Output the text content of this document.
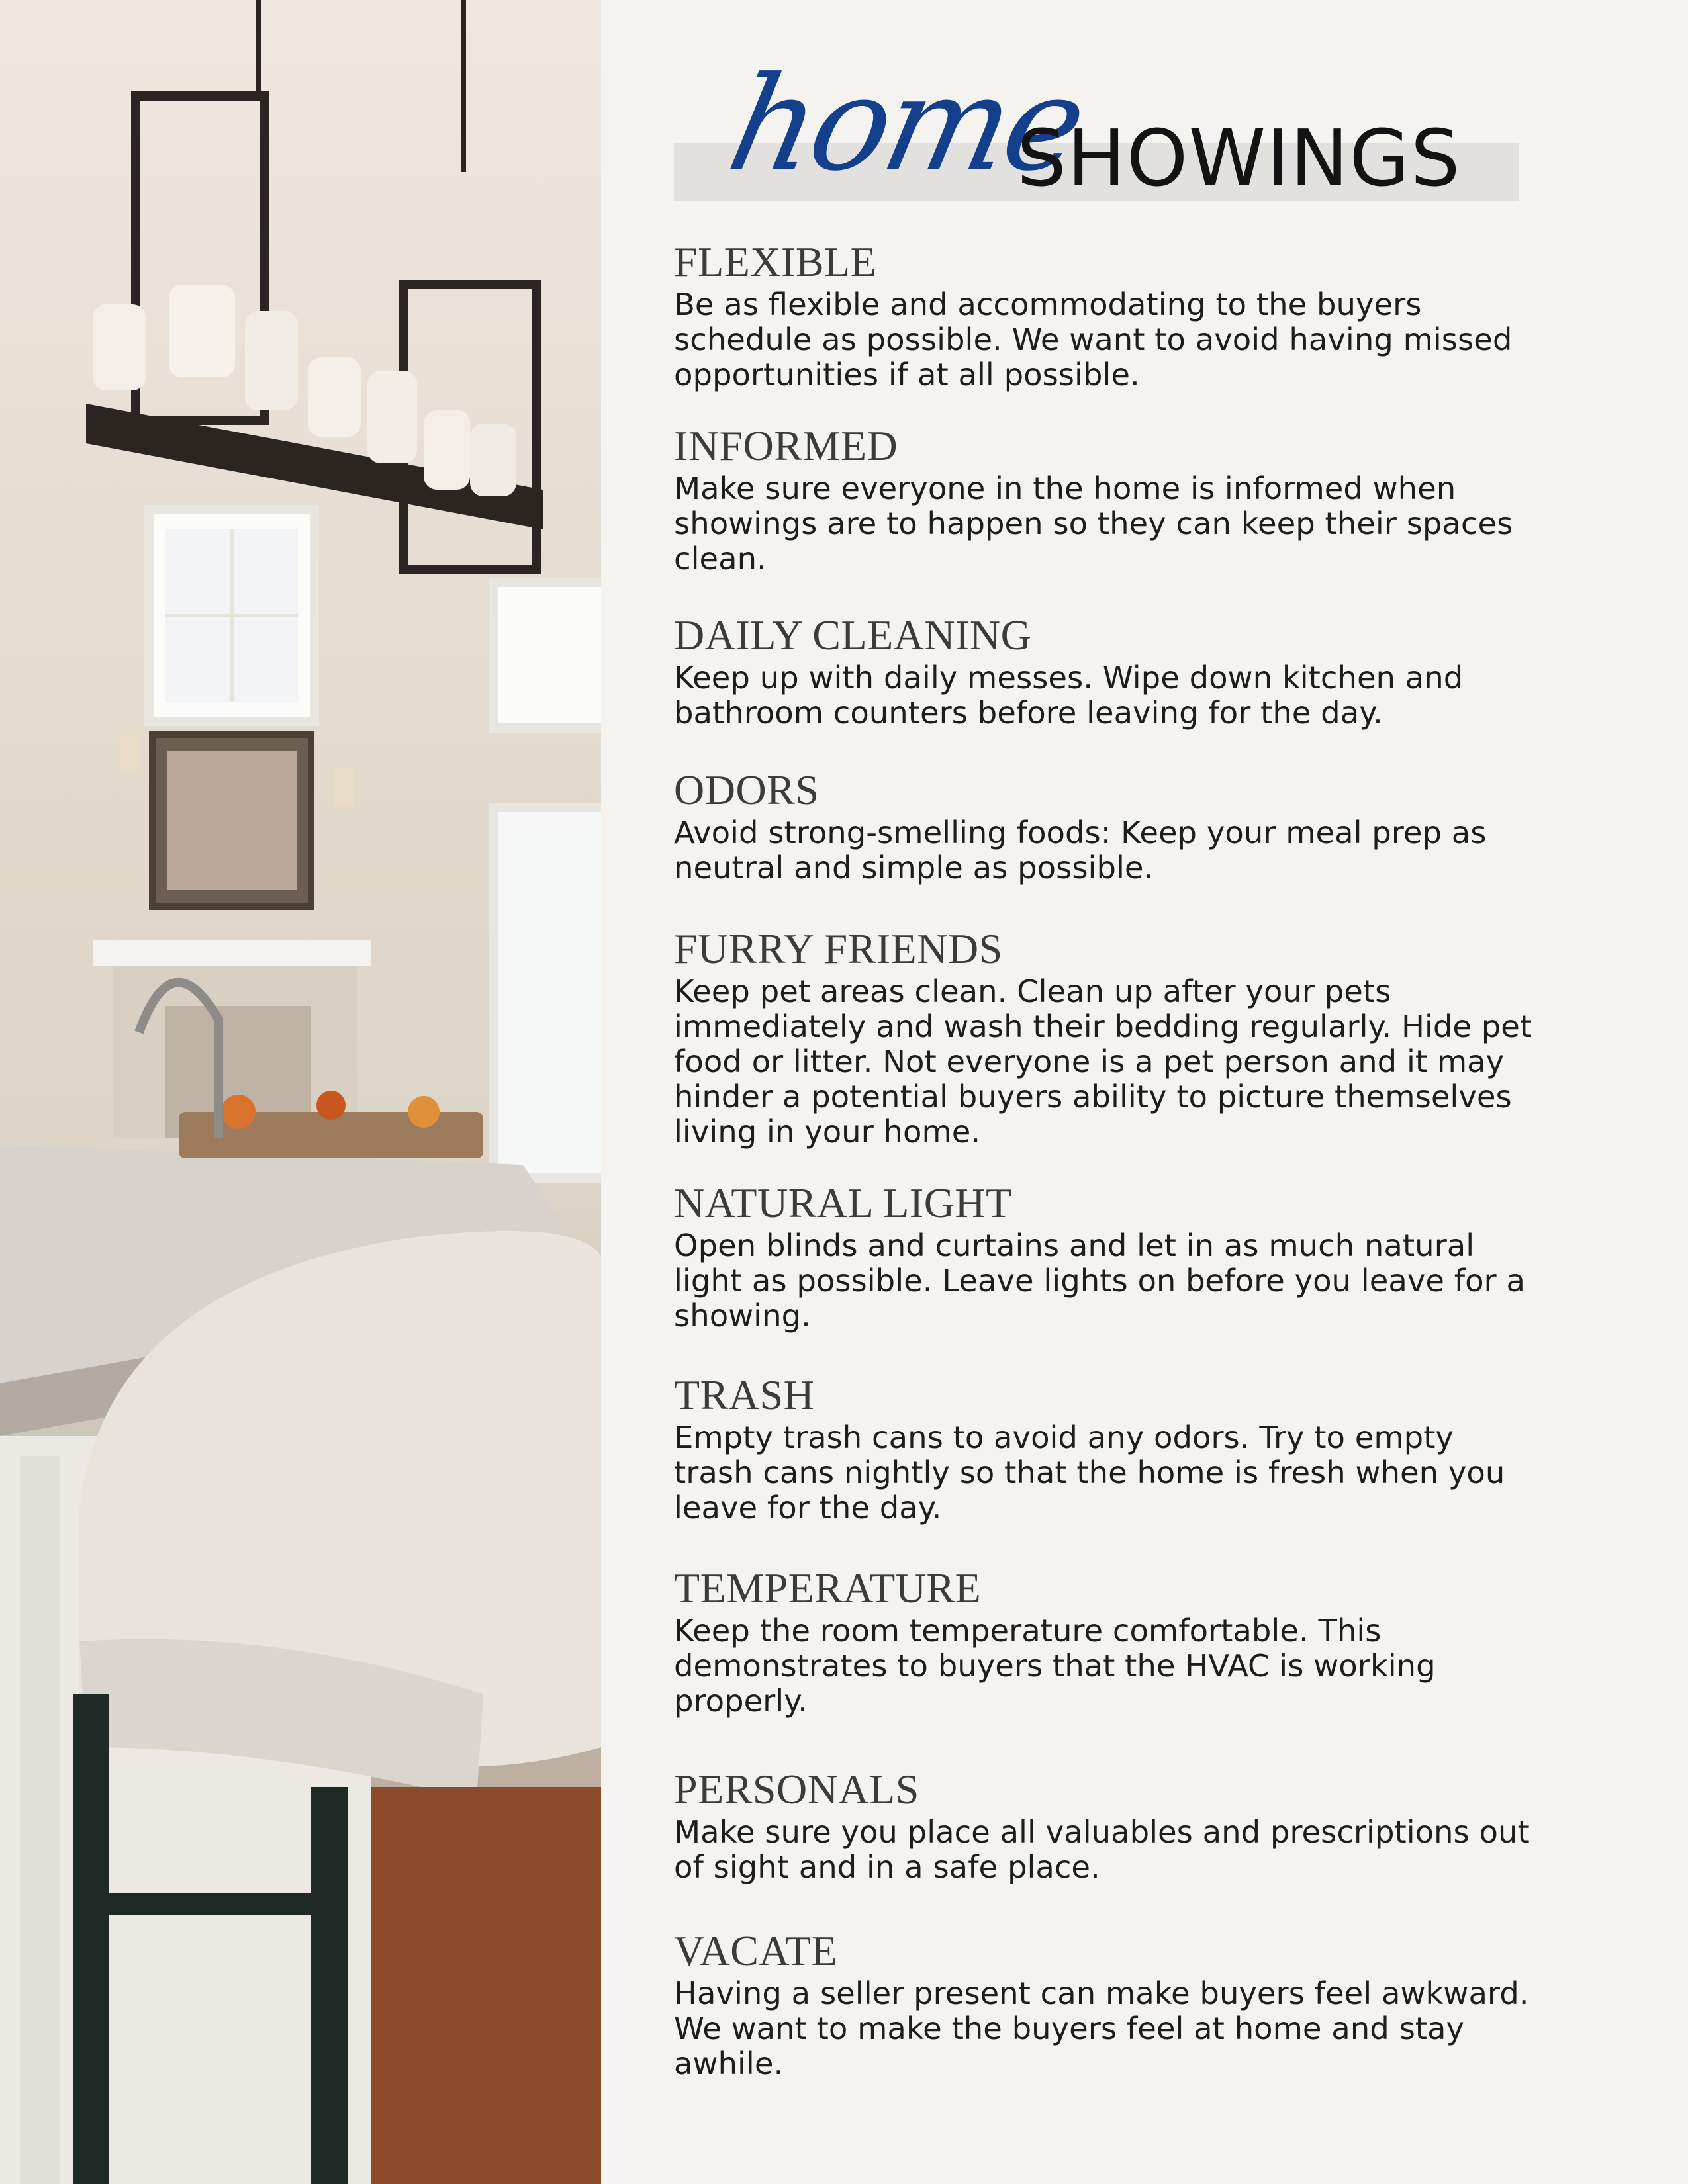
home
SHOWINGS
FLEXIBLE

Be as flexible and accommodating to the buyers schedule as possible. We want to avoid having missed opportunities if at all possible.

INFORMED

Make sure everyone in the home is informed when showings are to happen so they can keep their spaces clean.

DAILY CLEANING

Keep up with daily messes. Wipe down kitchen and bathroom counters before leaving for the day.

ODORS

Avoid strong-smelling foods: Keep your meal prep as neutral and simple as possible.

FURRY FRIENDS

Keep pet areas clean. Clean up after your pets immediately and wash their bedding regularly. Hide pet food or litter. Not everyone is a pet person and it may hinder a potential buyers ability to picture themselves living in your home.

NATURAL LIGHT

Open blinds and curtains and let in as much natural light as possible. Leave lights on before you leave for a showing.

TRASH

Empty trash cans to avoid any odors. Try to empty trash cans nightly so that the home is fresh when you leave for the day.

TEMPERATURE

Keep the room temperature comfortable. This demonstrates to buyers that the HVAC is working properly.

PERSONALS

Make sure you place all valuables and prescriptions out of sight and in a safe place.

VACATE

Having a seller present can make buyers feel awkward. We want to make the buyers feel at home and stay awhile.
